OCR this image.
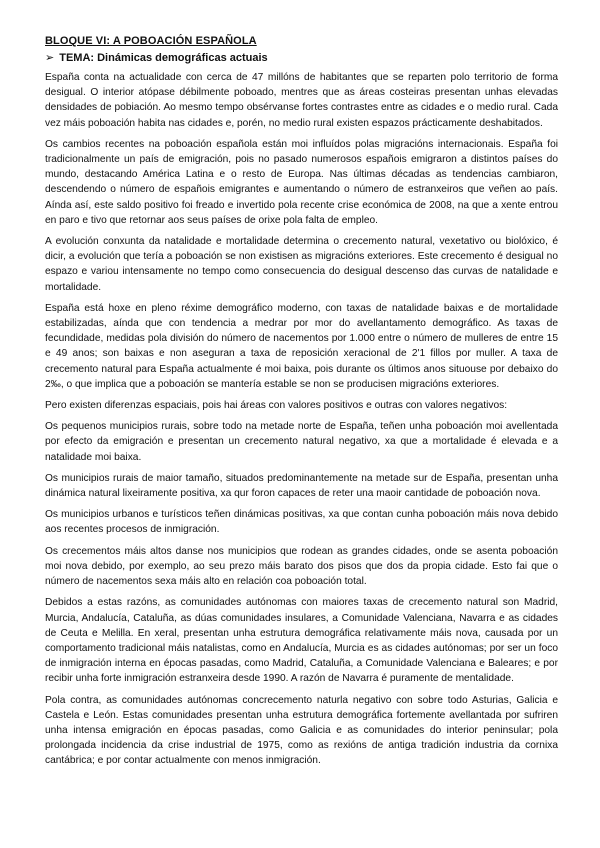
BLOQUE VI: A POBOACIÓN ESPAÑOLA
➢ TEMA: Dinámicas demográficas actuais

España conta na actualidade con cerca de 47 millóns de habitantes que se reparten polo territorio de forma desigual. O interior atópase débilmente poboado, mentres que as áreas costeiras presentan unhas elevadas densidades de pobiación. Ao mesmo tempo obsérvanse fortes contrastes entre as cidades e o medio rural. Cada vez máis poboación habita nas cidades e, porén, no medio rural existen espazos prácticamente deshabitados.

Os cambios recentes na poboación española están moi influídos polas migracións internacionais. España foi tradicionalmente un país de emigración, pois no pasado numerosos españois emigraron a distintos países do mundo, destacando América Latina e o resto de Europa. Nas últimas décadas as tendencias cambiaron, descendendo o número de españois emigrantes e aumentando o número de estranxeiros que veñen ao país. Aínda así, este saldo positivo foi freado e invertido pola recente crise económica de 2008, na que a xente entrou en paro e tivo que retornar aos seus países de orixe pola falta de empleo.

A evolución conxunta da natalidade e mortalidade determina o crecemento natural, vexetativo ou biolóxico, é dicir, a evolución que tería a poboación se non existisen as migracións exteriores. Este crecemento é desigual no espazo e variou intensamente no tempo como consecuencia do desigual descenso das curvas de natalidade e mortalidade.

España está hoxe en pleno réxime demográfico moderno, con taxas de natalidade baixas e de mortalidade estabilizadas, aínda que con tendencia a medrar por mor do avellantamento demográfico. As taxas de fecundidade, medidas pola división do número de nacementos por 1.000 entre o número de mulleres de entre 15 e 49 anos; son baixas e non aseguran a taxa de reposición xeracional de 2'1 fillos por muller. A taxa de crecemento natural para España actualmente é moi baixa, pois durante os últimos anos situouse por debaixo do 2‰, o que implica que a poboación se mantería estable se non se producisen migracións exteriores.

Pero existen diferenzas espaciais, pois hai áreas con valores positivos e outras con valores negativos:

Os pequenos municipios rurais, sobre todo na metade norte de España, teñen unha poboación moi avellentada por efecto da emigración e presentan un crecemento natural negativo, xa que a mortalidade é elevada e a natalidade moi baixa.

Os municipios rurais de maior tamaño, situados predominantemente na metade sur de España, presentan unha dinámica natural lixeiramente positiva, xa qur foron capaces de reter una maoir cantidade de poboación nova.

Os municipios urbanos e turísticos teñen dinámicas positivas, xa que contan cunha poboación máis nova debido aos recentes procesos de inmigración.

Os crecementos máis altos danse nos municipios que rodean as grandes cidades, onde se asenta poboación moi nova debido, por exemplo, ao seu prezo máis barato dos pisos que dos da propia cidade. Esto fai que o número de nacementos sexa máis alto en relación coa poboación total.

Debidos a estas razóns, as comunidades autónomas con maiores taxas de crecemento natural son Madrid, Murcia, Andalucía, Cataluña, as dúas comunidades insulares, a Comunidade Valenciana, Navarra e as cidades de Ceuta e Melilla. En xeral, presentan unha estrutura demográfica relativamente máis nova, causada por un comportamento tradicional máis natalistas, como en Andalucía, Murcia es as cidades autónomas; por ser un foco de inmigración interna en épocas pasadas, como Madrid, Cataluña, a Comunidade Valenciana e Baleares; e por recibir unha forte inmigración estranxeira desde 1990. A razón de Navarra é puramente de mentalidade.

Pola contra, as comunidades autónomas concrecemento naturla negativo con sobre todo Asturias, Galicia e Castela e León. Estas comunidades presentan unha estrutura demográfica fortemente avellantada por sufriren unha intensa emigración en épocas pasadas, como Galicia e as comunidades do interior peninsular; pola prolongada incidencia da crise industrial de 1975, como as rexións de antiga tradición industria da cornixa cantábrica; e por contar actualmente con menos inmigración.
